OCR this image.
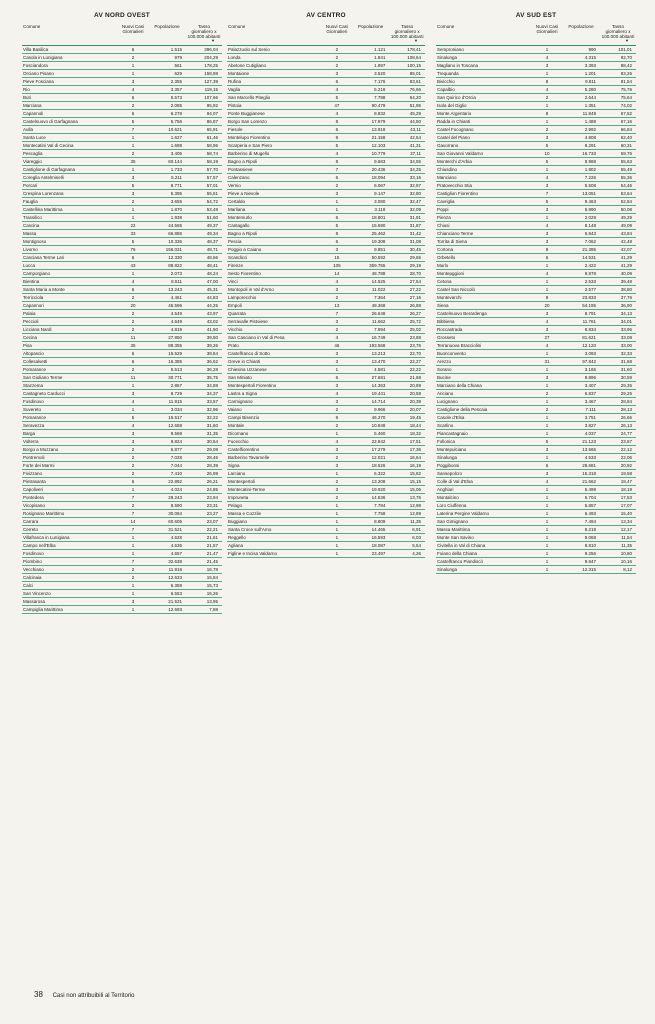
AV NORD OVEST
Comune	Nuovi Casi Giornalieri	Popolazione	Tasso giornaliero x 100.000 abitanti
▼

Villa Basilica	6	1.515	396,04
Casola in Lunigiana	2	979	204,29
Fosciandora	1	561	178,25
Orciano Pisano	1	629	158,98
Pieve Fosciana	3	2.355	127,39
Rio	4	3.357	119,15
Buti	6	5.573	107,66
Marciana	2	2.085	95,92
Capannoli	6	6.278	94,07
Castelnuovo di Garfagnana	5	5.756	86,87
Aulla	7	10.621	65,91
Santa Luce	1	1.627	61,46
Montecatini Val di Cecina	1	1.698	58,96
Pescaglia	2	3.405	58,74
Viareggio	35	60.144	58,19
Castiglione di Garfagnana	1	1.733	57,70
Coreglia Antelminelli	3	5.211	57,57
Porcari	5	8.771	57,01
Crespina Lorenzana	3	5.395	55,61
Fauglia	2	3.655	54,72
Castellina Marittima	1	1.870	53,48
Trassilico	1	1.938	51,60
Cascina	22	44.565	49,37
Massa	33	66.886	49,34
Montignoso	5	10.336	48,37
Livorno	76	156.031	48,71
Casciana Terme Lari	6	12.330	48,66
Lucca	43	88.822	48,41
Camporgiano	1	2.073	48,24
Bientina	4	8.511	47,00
Santa Maria a Monte	6	13.243	45,31
Terricciola	2	4.461	44,83
Capannori	20	45.596	44,25
Palaia	2	4.549	43,97
Peccioli	2	4.649	43,02
Licciana Nardi	2	4.819	41,50
Cecina	11	27.850	39,50
Pisa	35	89.355	39,26
Altopascio	6	15.529	38,64
Collesalvetti	6	16.385	36,62
Pomarance	2	5.513	36,28
San Giuliano Terme	11	30.771	35,75
Stazzema	1	2.867	34,88
Castagneto Carducci	3	8.729	34,37
Fosdinovo	4	11.915	33,57
Suvereto	1	3.034	32,96
Pomarance	5	15.517	32,22
Seravezza	4	12.658	31,60
Barga	3	9.569	31,35
Volterra	3	9.824	30,54
Borgo a Mozzano	2	6.877	29,08
Pontremoli	2	7.028	28,46
Forte dei Marmi	2	7.044	28,39
Fivizzano	2	7.410	26,99
Pietrasanta	6	22.892	26,21
Capoliveri	1	4.024	24,85
Pontedera	7	29.243	23,94
Vicopisano	2	8.590	23,31
Rosignano Marittimo	7	30.084	23,27
Carrara	14	60.605	23,07
Cerreto	7	31.521	22,21
Villafranca in Lunigiana	1	4.628	21,61
Campo nell'Elba	1	4.636	21,57
Fosdinovo	1	4.657	21,47
Piombino	7	32.638	21,45
Vecchiano	2	11.916	16,78
Calcinaia	2	12.623	15,84
Calci	1	6.359	15,73
San Vincenzo	1	6.553	15,26
Massarosa	3	21.531	13,95
Campiglia Marittima	1	12.693	7,88
AV CENTRO
Comune	Nuovi Casi Giornalieri	Popolazione	Tasso giornaliero x 100.000 abitanti
▼

Palazzuolo sul Senio	2	1.121	178,41
Londa	2	1.841	108,64
Abetone Cutigliano	2	1.997	100,15
Montaione	3	3.520	85,01
Rufina	6	7.176	83,61
Vaglia	4	5.218	76,66
San Marcello Piteglio	5	7.788	64,20
Pistoia	47	90.479	51,95
Ponte Buggianese	4	8.832	45,29
Borgo San Lorenzo	8	17.979	44,50
Fiesole	6	13.918	43,11
Montelupo Fiorentino	9	21.158	42,54
Scarperia e San Piero	5	12.103	41,31
Barberino di Mugello	4	10.779	37,11
Bagno a Ripoli	8	9.683	34,55
Pontassieve	7	20.436	34,25
Calenzano	6	18.094	33,16
Vernio	2	6.067	32,97
Pieve a Nievole	3	9.147	32,80
Certaldo	1	3.080	32,47
Marliana	1	3.118	32,09
Montemurlo	6	18.801	31,91
Cantagallo	5	15.690	31,87
Bagno a Ripoli	8	25.462	31,42
Pescia	6	19.308	31,08
Poggio a Caiano	3	9.851	30,45
Scandicci	15	50.592	29,65
Firenze	105	359.755	29,19
Sesto Fiorentino	14	48.788	28,70
Vinci	4	14.525	27,54
Montopoli in Val d'Arno	3	11.022	27,22
Lamporecchio	2	7.364	27,16
Empoli	13	48.368	26,88
Quarrata	7	26.648	26,27
Serravalle Pistoiese	3	11.662	25,72
Vicchio	2	7.994	25,02
San Casciano in Val di Pesa	4	16.749	23,88
Prato	46	193.568	23,76
Castelfranco di Sotto	3	13.213	22,70
Greve in Chianti	3	13.470	22,27
Chiesina Uzzanese	1	4.581	22,22
San Miniato	6	27.681	21,68
Montespertoli Fiorentino	3	14.363	20,89
Lastra a Signa	4	19.441	20,58
Carmignano	3	14.714	20,39
Vaiano	2	9.966	20,07
Campi Bisenzio	9	46.270	19,45
Montale	2	10.848	18,44
Dicomano	1	5.460	18,32
Fucecchio	4	22.842	17,51
Castelfiorentino	3	17.279	17,36
Barberino Tavarnelle	2	12.021	16,64
Signa	3	18.526	16,19
Larciano	1	6.322	15,82
Montespertoli	2	13.208	15,15
Montecatini-Terme	3	19.920	15,06
Impruneta	2	14.536	13,76
Pelago	1	7.784	12,98
Massa e Cozzile	1	7.758	12,89
Buggiano	1	8.809	11,35
Santa Croce sull'Arno	1	14.465	6,91
Reggello	1	16.593	6,03
Agliana	1	18.087	5,54
Figline e Incisa Valdarno	1	23.497	4,26
AV SUD EST
Comune	Nuovi Casi Giornalieri	Popolazione	Tasso giornaliero x 100.000 abitanti
▼

Semproniano	1	990	101,01
Sinalunga	4	4.315	92,70
Magliano in Toscana	3	3.393	88,42
Trequanda	1	1.201	83,26
Bivicchio	8	9.811	81,54
Capalbio	4	5.280	75,76
San Quirico d'Orcia	2	2.644	75,64
Isola del Giglio	1	1.351	74,02
Monte Argentario	8	11.849	67,52
Radda in Chianti	1	1.489	67,16
Castel Focognano	2	2.992	66,84
Castel del Piano	3	4.808	62,40
Gavorrano	5	8.291	60,31
San Giovanni Valdarno	10	16.733	59,76
Monterchi d'Arbia	5	8.988	55,63
Chiusdino	1	1.802	55,49
Manciano	4	7.226	55,36
Pratovecchio Stia	3	5.508	54,46
Castiglion Fiorentino	7	13.051	53,64
Cavriglia	5	9.463	52,84
Poppi	3	5.990	50,08
Pienza	1	2.029	49,29
Chiusi	4	8.148	49,09
Chianciano Terme	3	6.843	43,84
Torrita di Siena	3	7.062	42,48
Cortona	9	21.395	42,07
Orbetello	6	14.531	41,29
Murlo	1	2.422	41,29
Montepggioni	4	9.978	40,09
Cetona	1	2.533	39,48
Castel San Niccolò	1	2.577	38,80
Montevarchi	9	23.833	37,76
Siena	20	54.195	36,90
Castelnuovo Berardenga	3	8.791	34,13
Bibbiena	4	11.761	34,01
Roccastrada	3	8.834	33,96
Grosseto	27	81.621	33,08
Terranuova Bracciolini	4	12.120	33,00
Buonconvento	1	3.093	32,33
Arezzo	31	97.842	31,68
Sorano	1	3.165	31,60
Bucine	3	9.896	30,59
Marciano della Chiana	1	3.407	29,35
Anciano	2	6.837	29,25
Lucignano	1	3.467	28,84
Castiglione della Pescaia	2	7.111	28,13
Casole d'Elsa	1	3.751	26,66
Scarlino	1	3.827	26,13
Piancastagnaio	1	4.037	24,77
Follonica	5	21.123	23,67
Montepulciano	3	13.565	22,12
Sinalunga	1	4.533	22,06
Poggibonsi	6	28.681	20,92
Sansepolcro	3	15.318	19,58
Colle di Val d'Elsa	4	21.662	18,47
Anghiari	1	5.499	18,19
Montalcino	1	5.704	17,53
Loro Ciuffenna	1	5.857	17,07
Laterina Pergine Valdarno	1	6.493	15,40
San Gimignano	1	7.494	13,34
Massa Marittima	1	8.219	12,17
Monte San Savino	1	8.068	11,54
Civitella in Val di Chiana	1	8.810	11,35
Foiano della Chiana	1	9.256	10,80
Castelfranco Piandiscò	1	9.847	10,16
Sinalunga	1	12.315	8,12
38 Casi non attribuibili al Territorio
